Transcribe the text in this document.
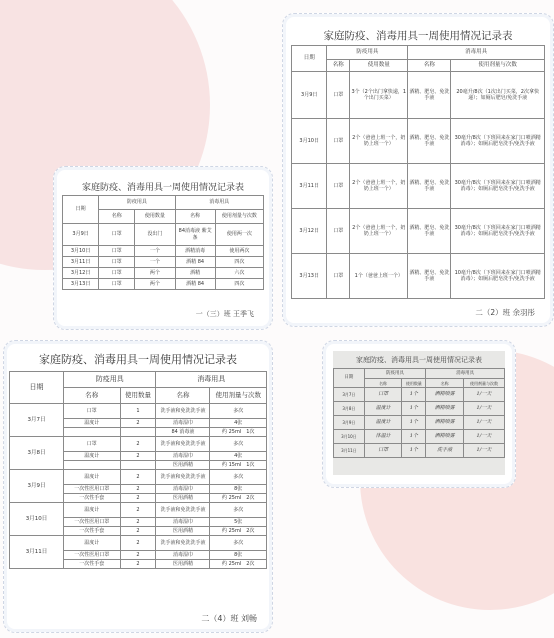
家庭防疫、消毒用具一周使用情况记录表
日期	防疫用具		消毒用具	
	名称	使用数量	名称	使用剂量与次数
3月9日	口罩	没出门	84消毒液 紫艾条	使用两一次
3月10日	口罩	一个	酒精消毒	使用两次
3月11日	口罩	一个	酒精 84	四次
3月12日	口罩	两个	酒精	六次
3月13日	口罩	两个	酒精 84	四次
一（三）班 王季飞
家庭防疫、消毒用具一周使用情况记录表
日期	防疫用具		消毒用具	
	名称	使用数量	名称	使用剂量与次数
3月9日	口罩	3个（2个出门拿快递，1个出门买菜）	酒精、肥皂、免洗手液	20毫升/8次（1次出门买菜，2次拿快递）；如厕后肥皂/免洗手液
3月10日	口罩	2个（爸爸上班一个，奶奶上班一个）	酒精、肥皂、免洗手液	30毫升/8次（下班回来在家门口喷酒精消毒）；如厕后肥皂洗手/免洗手液
3月11日	口罩	2个（爸爸上班一个，奶奶上班一个）	酒精、肥皂、免洗手液	30毫升/8次（下班回来在家门口喷酒精消毒）；如厕后肥皂洗手/免洗手液
3月12日	口罩	2个（爸爸上班一个，奶奶上班一个）	酒精、肥皂、免洗手液	30毫升/8次（下班回来在家门口喷酒精消毒）；如厕后肥皂洗手/免洗手液
3月13日	口罩	1个（爸爸上班一个）	酒精、肥皂、免洗手液	10毫升/8次（下班回来在家门口喷酒精消毒）；如厕后肥皂洗手/免洗手液
二（2）班 余羽彤
家庭防疫、消毒用具一周使用情况记录表
日期	防疫用具		消毒用具	
	名称	使用数量	名称	使用剂量与次数
3月7日	口罩	1	洗手液和免洗洗手液	多次
	温度计	2	消毒湿巾	4张
			84 消毒液	约 25ml　1次
3月8日	口罩	2	洗手液和免洗洗手液	多次
	温度计	2	消毒湿巾	4张
			医用酒精	约 15ml　1次
3月9日	温度计	2	洗手液和免洗洗手液	多次
	一次性医用口罩	2	消毒湿巾	8张
	一次性手套	2	医用酒精	约 25ml　2次
3月10日	温度计	2	洗手液和免洗洗手液	多次
	一次性医用口罩	2	消毒湿巾	5张
	一次性手套	2	医用酒精	约 25ml　2次
3月11日	温度计	2	洗手液和免洗洗手液	多次
	一次性医用口罩	2	消毒湿巾	8张
	一次性手套	2	医用酒精	约 25ml　2次
二（4）班 刘畅
家庭防疫、消毒用具一周使用情况记录表
日期	防疫用具		消毒用具	
	名称	使用数量	名称	使用剂量与次数
3月7日	口罩	1个	酒精喷雾	1/一天
3月8日	温度计	1个	酒精喷雾	1/一天
3月9日	温度计	1个	酒精喷雾	1/一天
3月10日	体温计	1个	酒精喷雾	1/一天
3月11日	口罩	1个	洗手液	1/一天
